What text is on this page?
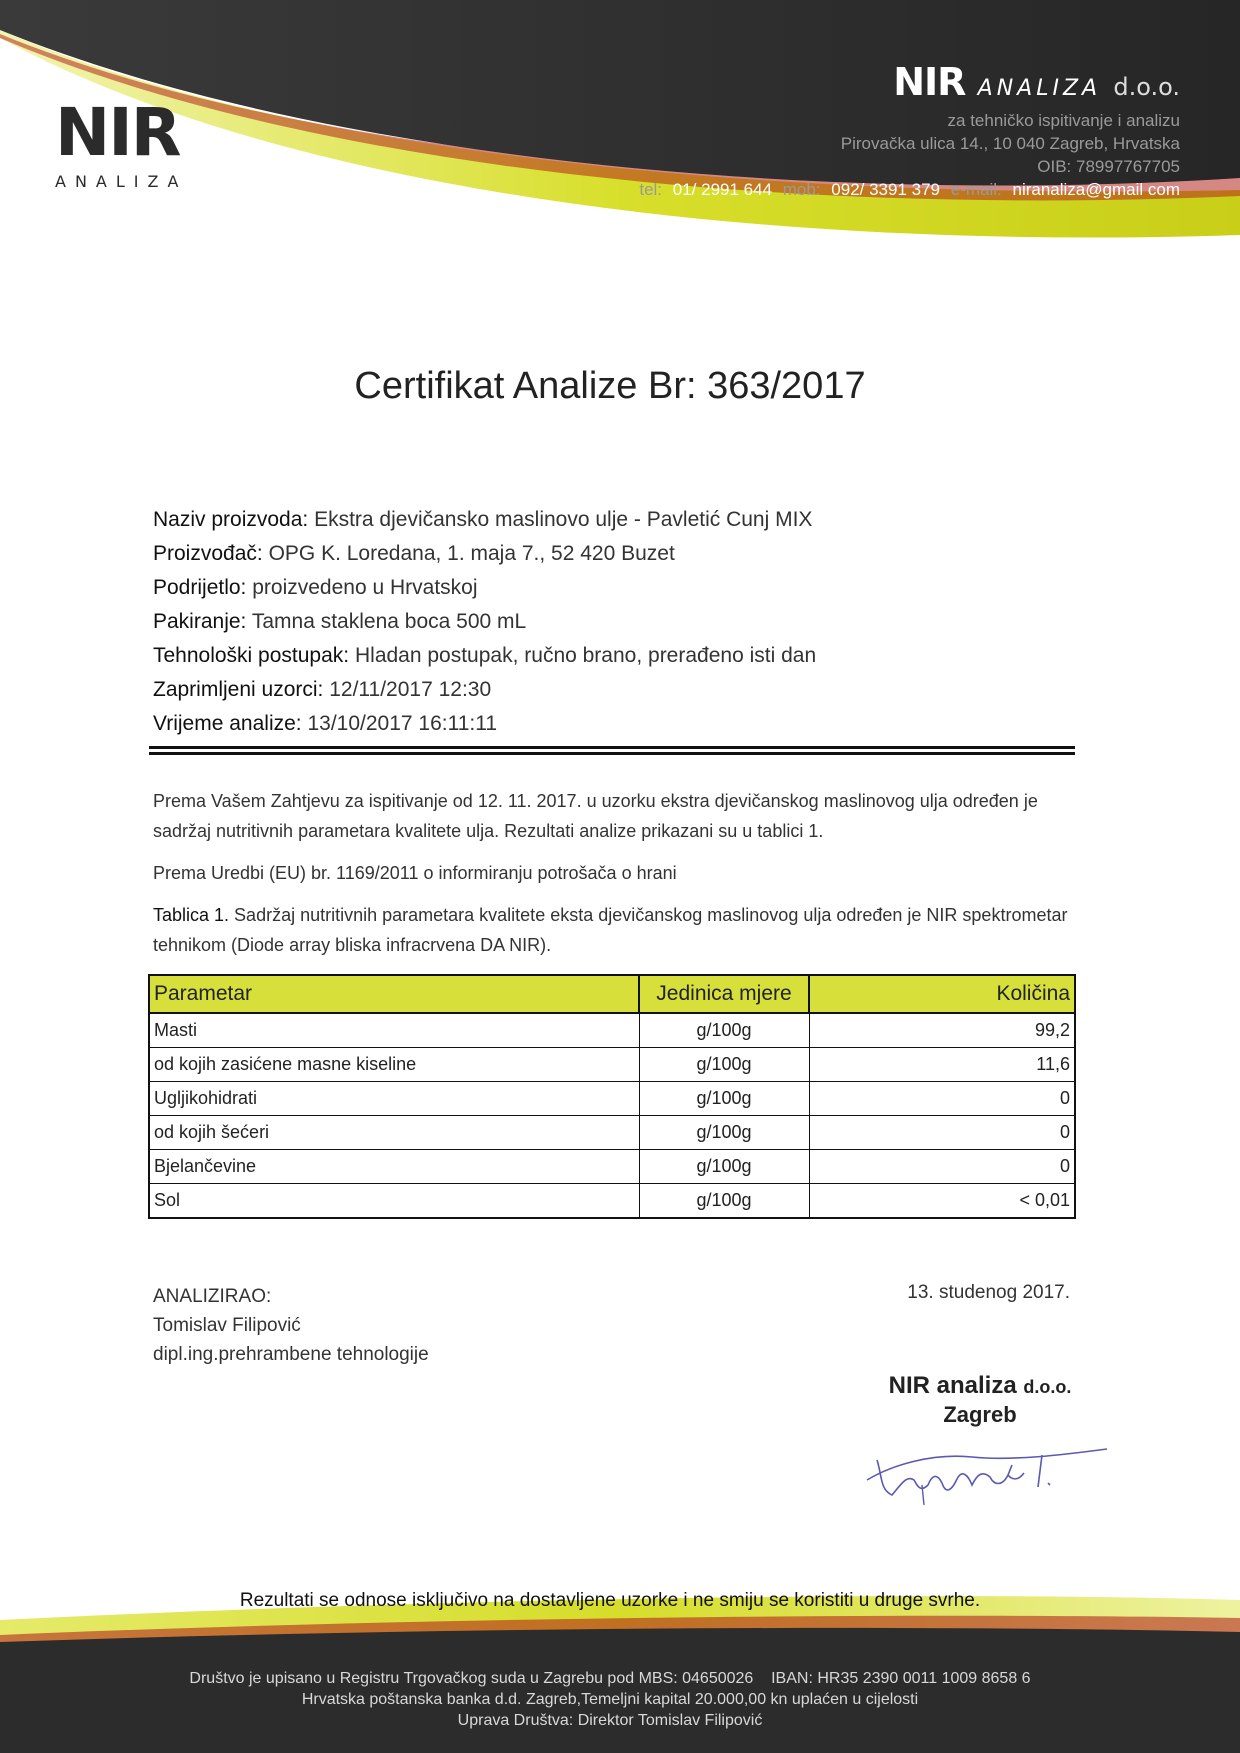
NIR
ANALIZA
NIR ANALIZA d.o.o.
za tehničko ispitivanje i analizu
Pirovačka ulica 14., 10 040 Zagreb, Hrvatska
OIB: 78997767705
tel: 01/ 2991 644 mob: 092/ 3391 379 e-mail: niranaliza@gmail com
Certifikat Analize Br: 363/2017
Naziv proizvoda: Ekstra djevičansko maslinovo ulje - Pavletić Cunj MIX
Proizvođač: OPG K. Loredana, 1. maja 7., 52 420 Buzet
Podrijetlo: proizvedeno u Hrvatskoj
Pakiranje: Tamna staklena boca 500 mL
Tehnološki postupak: Hladan postupak, ručno brano, prerađeno isti dan
Zaprimljeni uzorci: 12/11/2017 12:30
Vrijeme analize: 13/10/2017 16:11:11
Prema Vašem Zahtjevu za ispitivanje od 12. 11. 2017. u uzorku ekstra djevičanskog maslinovog ulja određen je sadržaj nutritivnih parametara kvalitete ulja. Rezultati analize prikazani su u tablici 1.
Prema Uredbi (EU) br. 1169/2011 o informiranju potrošača o hrani
Tablica 1. Sadržaj nutritivnih parametara kvalitete eksta djevičanskog maslinovog ulja određen je NIR spektrometar tehnikom (Diode array bliska infracrvena DA NIR).
Parametar	Jedinica mjere	Količina
Masti	g/100g	99,2
od kojih zasićene masne kiseline	g/100g	11,6
Ugljikohidrati	g/100g	0
od kojih šećeri	g/100g	0
Bjelančevine	g/100g	0
Sol	g/100g	< 0,01
ANALIZIRAO:
Tomislav Filipović
dipl.ing.prehrambene tehnologije
13. studenog 2017.
NIR analiza d.o.o.
Zagreb
Rezultati se odnose isključivo na dostavljene uzorke i ne smiju se koristiti u druge svrhe.
Društvo je upisano u Registru Trgovačkog suda u Zagrebu pod MBS: 04650026    IBAN: HR35 2390 0011 1009 8658 6
Hrvatska poštanska banka d.d. Zagreb,Temeljni kapital 20.000,00 kn uplaćen u cijelosti
Uprava Društva: Direktor Tomislav Filipović
